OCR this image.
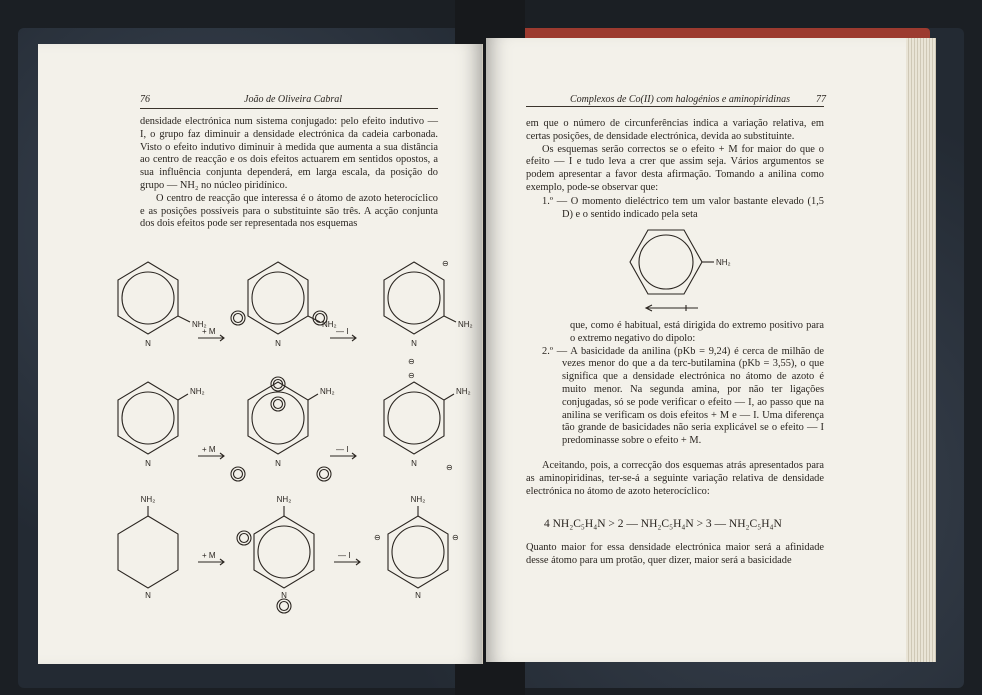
76	João de Oliveira Cabral

densidade electrónica num sistema conjugado: pelo efeito indutivo — I, o grupo faz diminuir a densidade electrónica da cadeia carbonada. Visto o efeito indutivo diminuir à medida que aumenta a sua distância ao centro de reacção e os dois efeitos actuarem em sentidos opostos, a sua influência conjunta dependerá, em larga escala, da posição do grupo — NH₂ no núcleo piridínico.

O centro de reacção que interessa é o átomo de azoto heterocíclico e as posições possíveis para o substituinte são três. A acção conjunta dos dois efeitos pode ser representada nos esquemas

N
NH₂
N
NH₂
N
NH₂
+ M	— I
⊖
⊖
N
NH₂
N
NH₂
N
NH₂
+ M	— I
⊖
⊖
N
NH₂
N
NH₂
N
NH₂
+ M	— I
⊖	⊖
Complexos de Co(II) com halogénios e aminopiridinas	77

em que o número de circunferências indica a variação relativa, em certas posições, de densidade electrónica, devida ao substituinte.

Os esquemas serão correctos se o efeito + M for maior do que o efeito — I e tudo leva a crer que assim seja. Vários argumentos se podem apresentar a favor desta afirmação. Tomando a anilina como exemplo, pode-se observar que:

1.º — O momento dieléctrico tem um valor bastante elevado (1,5 D) e o sentido indicado pela seta

NH₂

que, como é habitual, está dirigida do extremo positivo para o extremo negativo do dipolo:

2.º — A basicidade da anilina (pKb = 9,24) é cerca de milhão de vezes menor do que a da terc-butilamina (pKb = 3,55), o que significa que a densidade electrónica no átomo de azoto é muito menor. Na segunda amina, por não ter ligações conjugadas, só se pode verificar o efeito — I, ao passo que na anilina se verificam os dois efeitos + M e — I. Uma diferença tão grande de basicidades não seria explicável se o efeito — I predominasse sobre o efeito + M.

Aceitando, pois, a correcção dos esquemas atrás apresentados para as aminopiridinas, ter-se-á a seguinte variação relativa de densidade electrónica no átomo de azoto heterocíclico:

4 NH₂C₅H₄N > 2 — NH₂C₅H₄N > 3 — NH₂C₅H₄N

Quanto maior for essa densidade electrónica maior será a afinidade desse átomo para um protão, quer dizer, maior será a basicidade
